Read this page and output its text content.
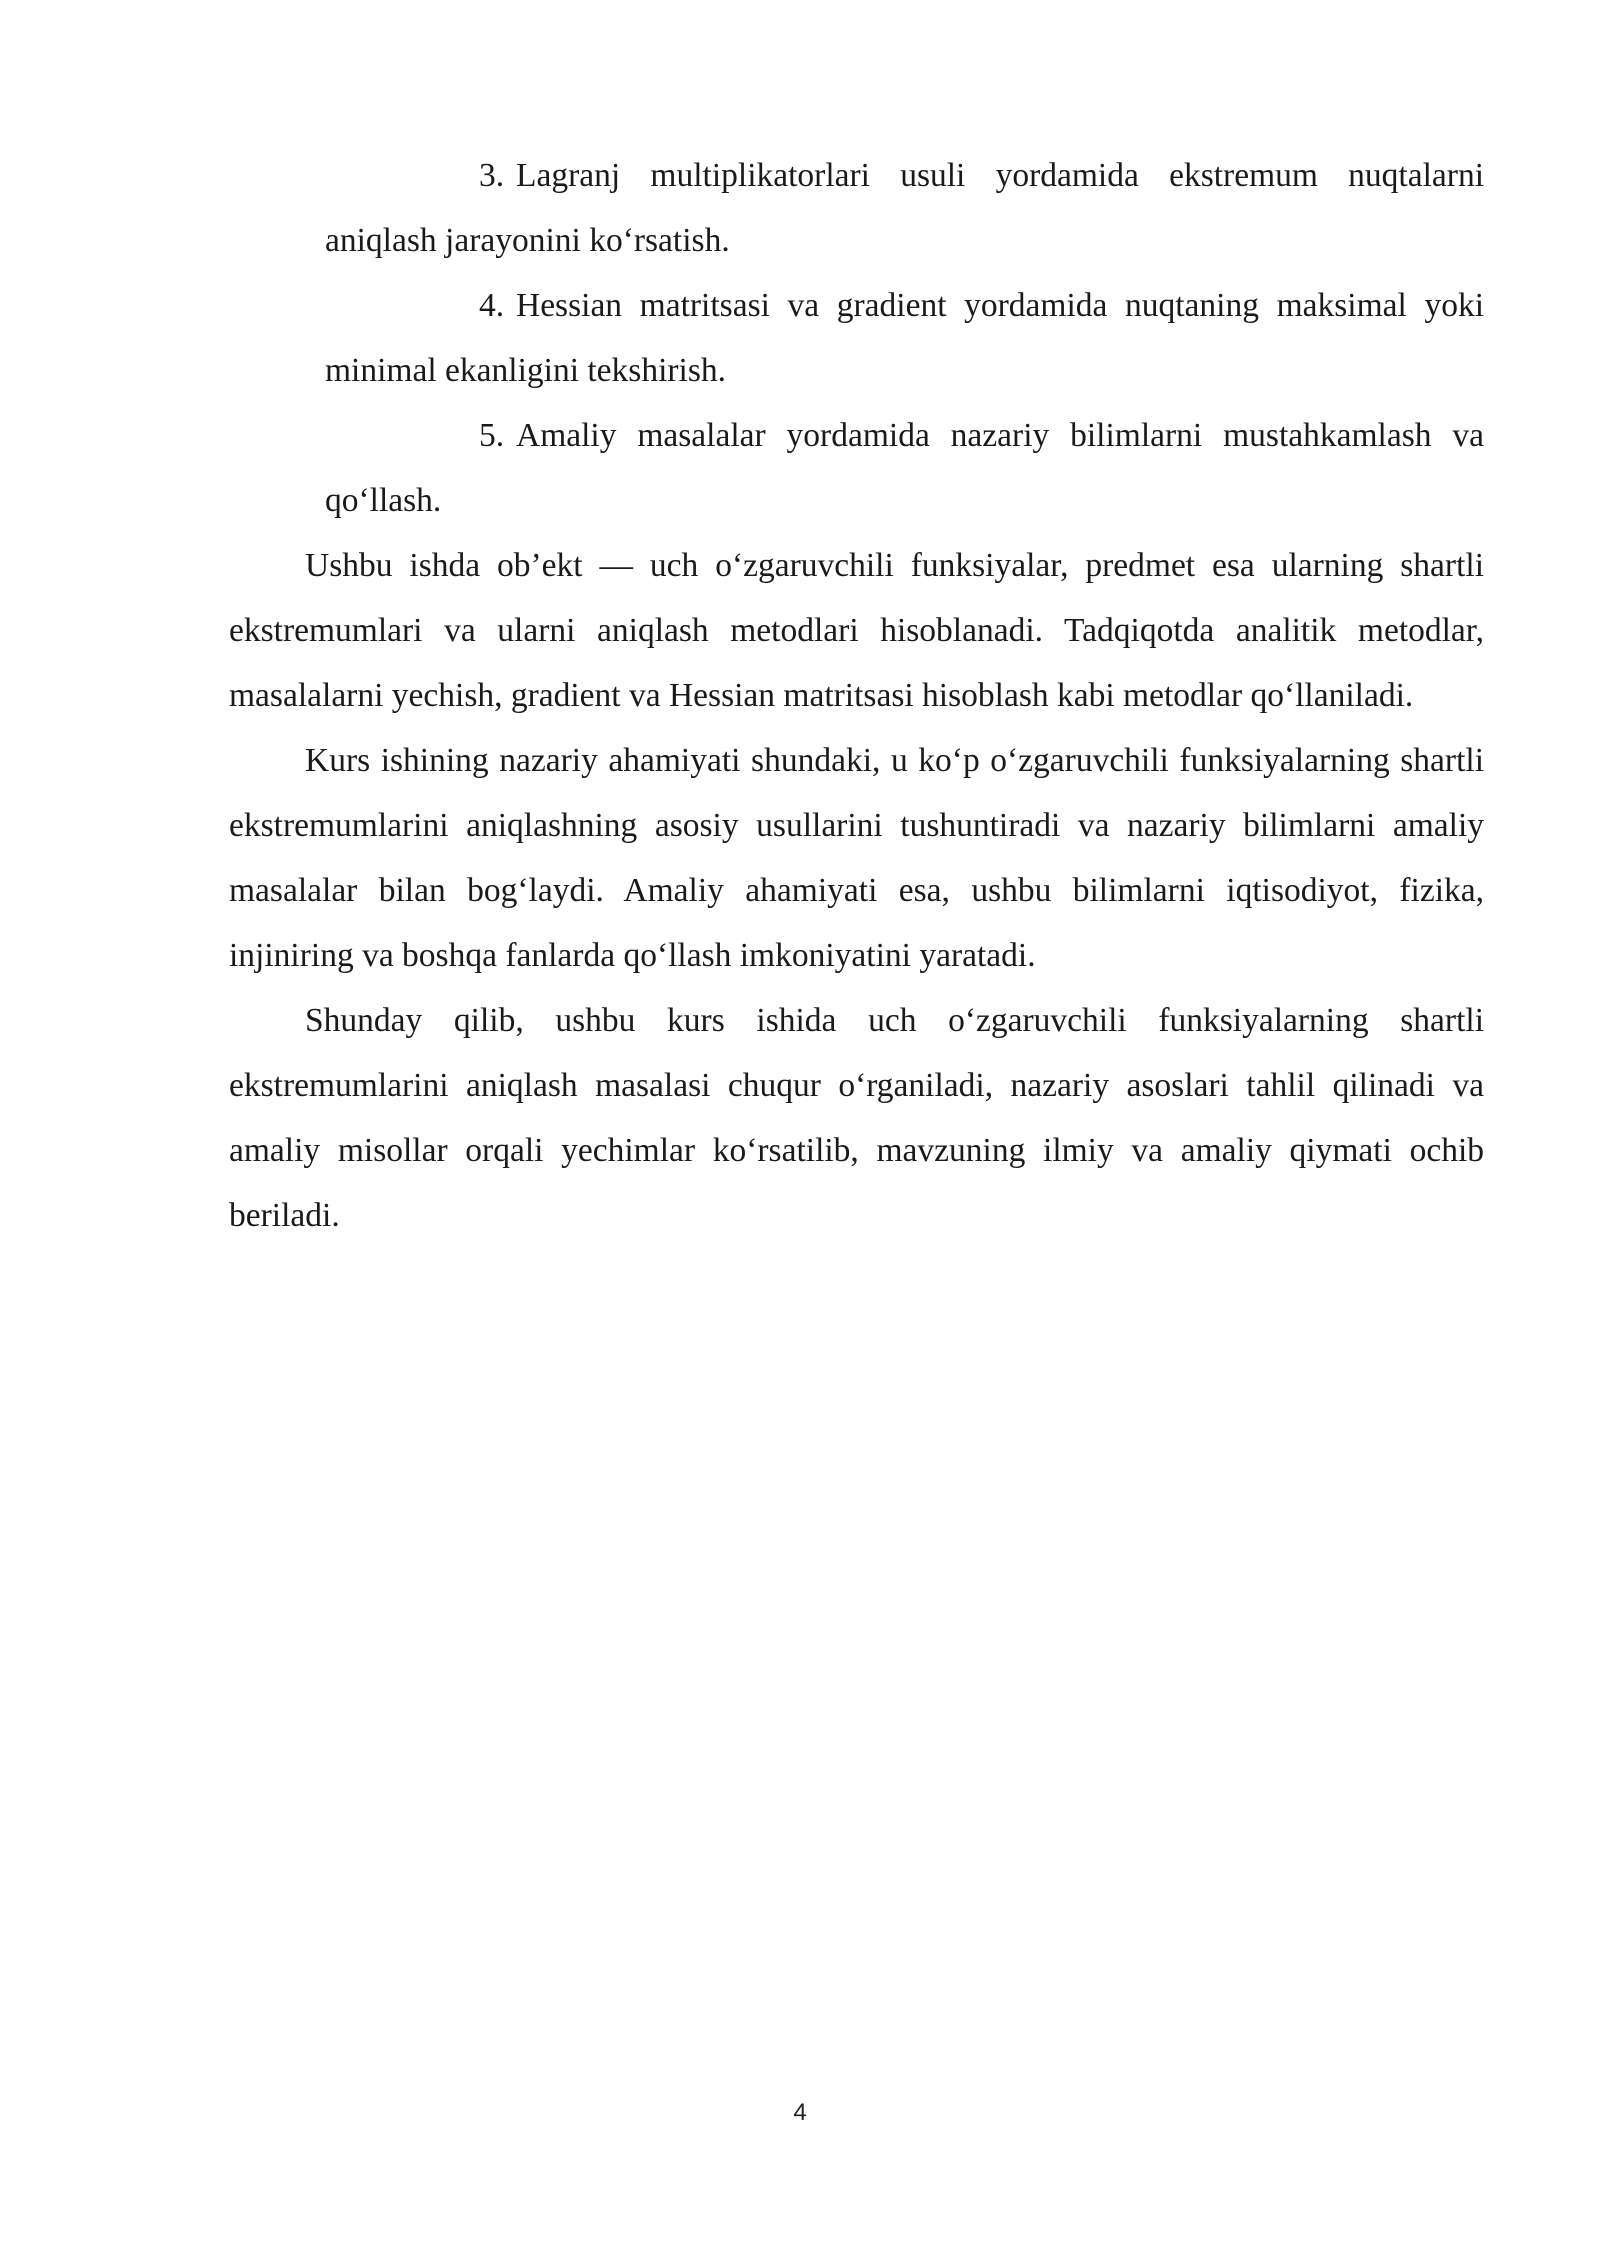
3. Lagranj multiplikatorlari usuli yordamida ekstremum nuqtalarni aniqlash jarayonini ko‘rsatish.
4. Hessian matritsasi va gradient yordamida nuqtaning maksimal yoki minimal ekanligini tekshirish.
5. Amaliy masalalar yordamida nazariy bilimlarni mustahkamlash va qo‘llash.

Ushbu ishda ob’ekt — uch o‘zgaruvchili funksiyalar, predmet esa ularning shartli ekstremumlari va ularni aniqlash metodlari hisoblanadi. Tadqiqotda analitik metodlar, masalalarni yechish, gradient va Hessian matritsasi hisoblash kabi metodlar qo‘llaniladi.

Kurs ishining nazariy ahamiyati shundaki, u ko‘p o‘zgaruvchili funksiyalarning shartli ekstremumlarini aniqlashning asosiy usullarini tushuntiradi va nazariy bilimlarni amaliy masalalar bilan bog‘laydi. Amaliy ahamiyati esa, ushbu bilimlarni iqtisodiyot, fizika, injiniring va boshqa fanlarda qo‘llash imkoniyatini yaratadi.

Shunday qilib, ushbu kurs ishida uch o‘zgaruvchili funksiyalarning shartli ekstremumlarini aniqlash masalasi chuqur o‘rganiladi, nazariy asoslari tahlil qilinadi va amaliy misollar orqali yechimlar ko‘rsatilib, mavzuning ilmiy va amaliy qiymati ochib beriladi.

4
